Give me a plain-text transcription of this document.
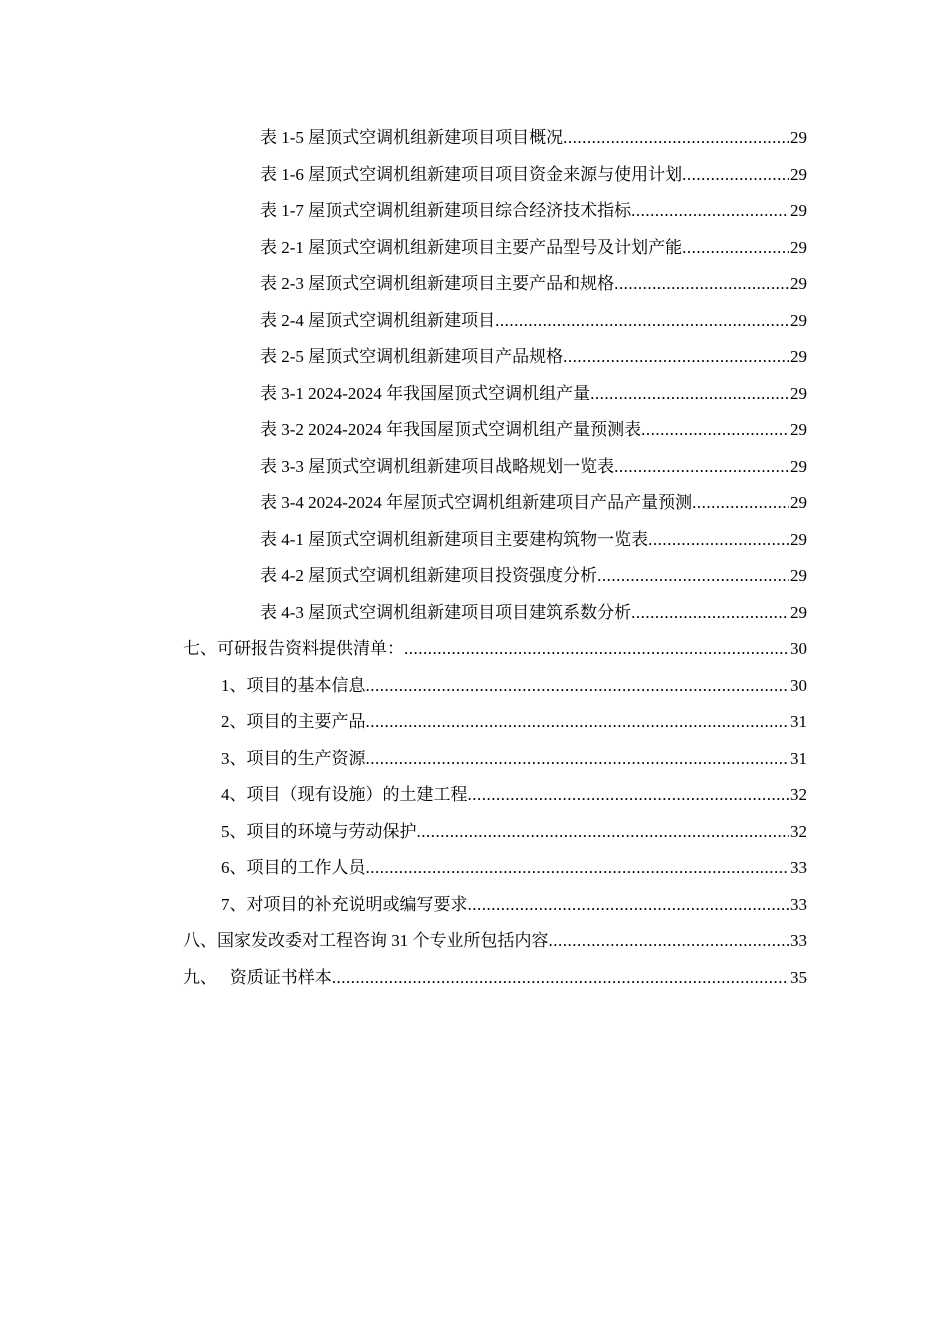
表 1-5 屋顶式空调机组新建项目项目概况 .....	29
表 1-6 屋顶式空调机组新建项目项目资金来源与使用计划 .....	29
表 1-7 屋顶式空调机组新建项目综合经济技术指标 .....	29
表 2-1 屋顶式空调机组新建项目主要产品型号及计划产能 .....	29
表 2-3 屋顶式空调机组新建项目主要产品和规格 .....	29
表 2-4 屋顶式空调机组新建项目 .....	29
表 2-5 屋顶式空调机组新建项目产品规格 .....	29
表 3-1 2024-2024 年我国屋顶式空调机组产量 .....	29
表 3-2 2024-2024 年我国屋顶式空调机组产量预测表 .....	29
表 3-3 屋顶式空调机组新建项目战略规划一览表 .....	29
表 3-4 2024-2024 年屋顶式空调机组新建项目产品产量预测 .....	29
表 4-1 屋顶式空调机组新建项目主要建构筑物一览表 .....	29
表 4-2 屋顶式空调机组新建项目投资强度分析 .....	29
表 4-3 屋顶式空调机组新建项目项目建筑系数分析 .....	29
七、可研报告资料提供清单： .....	30
1、项目的基本信息 .....	30
2、项目的主要产品 .....	31
3、项目的生产资源 .....	31
4、项目（现有设施）的土建工程 .....	32
5、项目的环境与劳动保护 .....	32
6、项目的工作人员 .....	33
7、对项目的补充说明或编写要求 .....	33
八、国家发改委对工程咨询 31 个专业所包括内容 .....	33
九、   资质证书样本 .....	35
